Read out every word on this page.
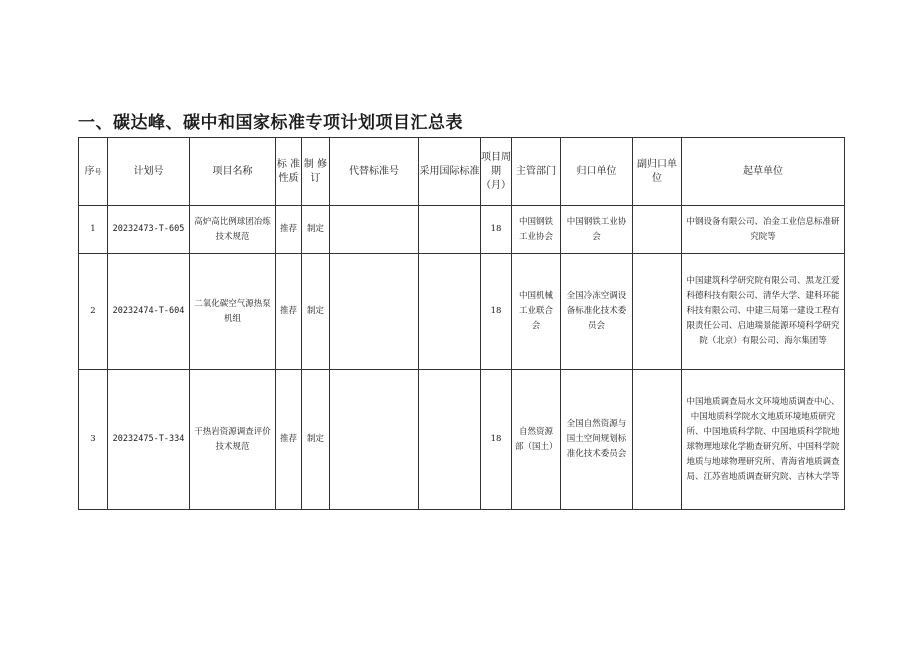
一、碳达峰、碳中和国家标准专项计划项目汇总表
序号	计划号	项目名称	标 准性质	制 修订	代替标准号	采用国际标准	项目周期（月）	主管部门	归口单位	副归口单位	起草单位
1	20232473-T-605	高炉高比例球团冶炼技术规范	推荐	制定			18	中国钢铁工业协会	中国钢铁工业协会		中钢设备有限公司、冶金工业信息标准研究院等

2	20232474-T-604	二氧化碳空气源热泵机组	推荐	制定			18	中国机械工业联合会	全国冷冻空调设备标准化技术委员会		中国建筑科学研究院有限公司、黑龙江爱科德科技有限公司、清华大学、建科环能科技有限公司、中建三局第一建设工程有限责任公司、启迪瑞景能源环境科学研究院（北京）有限公司、海尔集团等

3	20232475-T-334	干热岩资源调查评价技术规范	推荐	制定			18	自然资源部（国土）	全国自然资源与国土空间规划标准化技术委员会		中国地质调查局水文环境地质调查中心、中国地质科学院水文地质环境地质研究所、中国地质科学院、中国地质科学院地球物理地球化学勘查研究所、中国科学院地质与地球物理研究所、青海省地质调查局、江苏省地质调查研究院、吉林大学等
